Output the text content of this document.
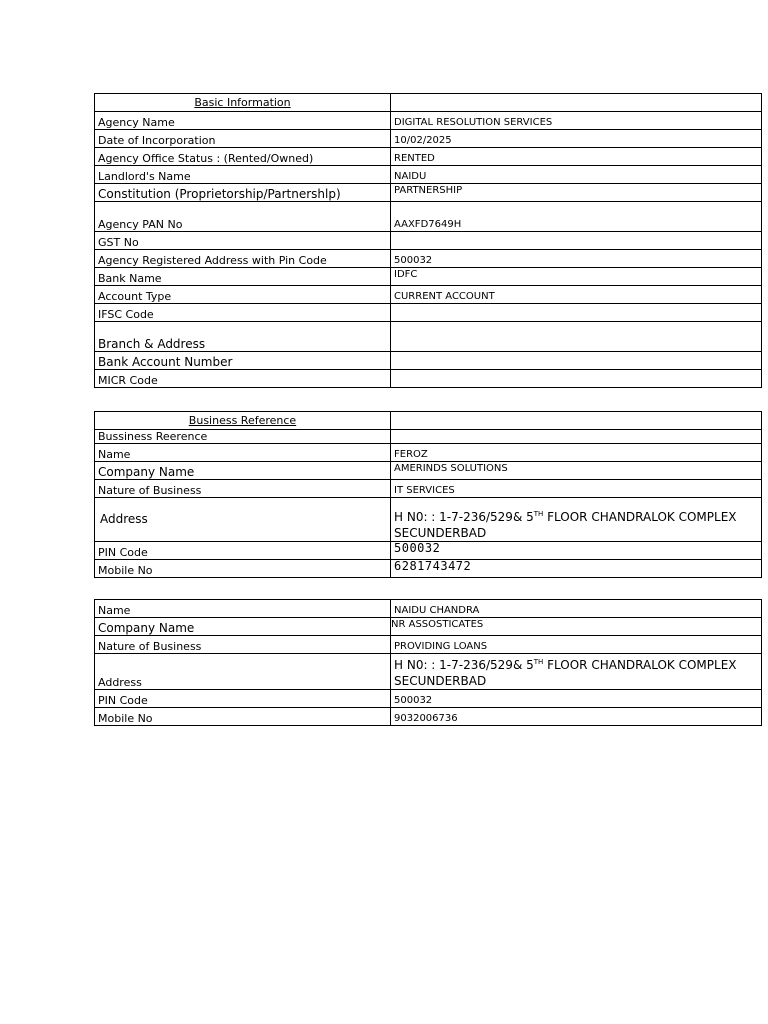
Basic Information	
Agency Name	DIGITAL RESOLUTION SERVICES
Date of Incorporation	10/02/2025
Agency Office Status : (Rented/Owned)	RENTED
Landlord's Name	NAIDU
Constitution (Proprietorship/Partnershlp)	PARTNERSHIP
Agency PAN No	AAXFD7649H
GST No	
Agency Registered Address with Pin Code	500032
Bank Name	IDFC
Account Type	CURRENT ACCOUNT
IFSC Code	
Branch & Address	
Bank Account Number	
MICR Code	
Business Reference	
Bussiness Reerence	
Name	FEROZ
Company Name	AMERINDS SOLUTIONS
Nature of Business	IT SERVICES
Address	H N0: : 1-7-236/529& 5TH FLOOR CHANDRALOK COMPLEX SECUNDERBAD
PIN Code	500032
Mobile No	6281743472
Name	NAIDU CHANDRA
Company Name	NR ASSOSTICATES
Nature of Business	PROVIDING LOANS
Address	H N0: : 1-7-236/529& 5TH FLOOR CHANDRALOK COMPLEX SECUNDERBAD
PIN Code	500032
Mobile No	9032006736
